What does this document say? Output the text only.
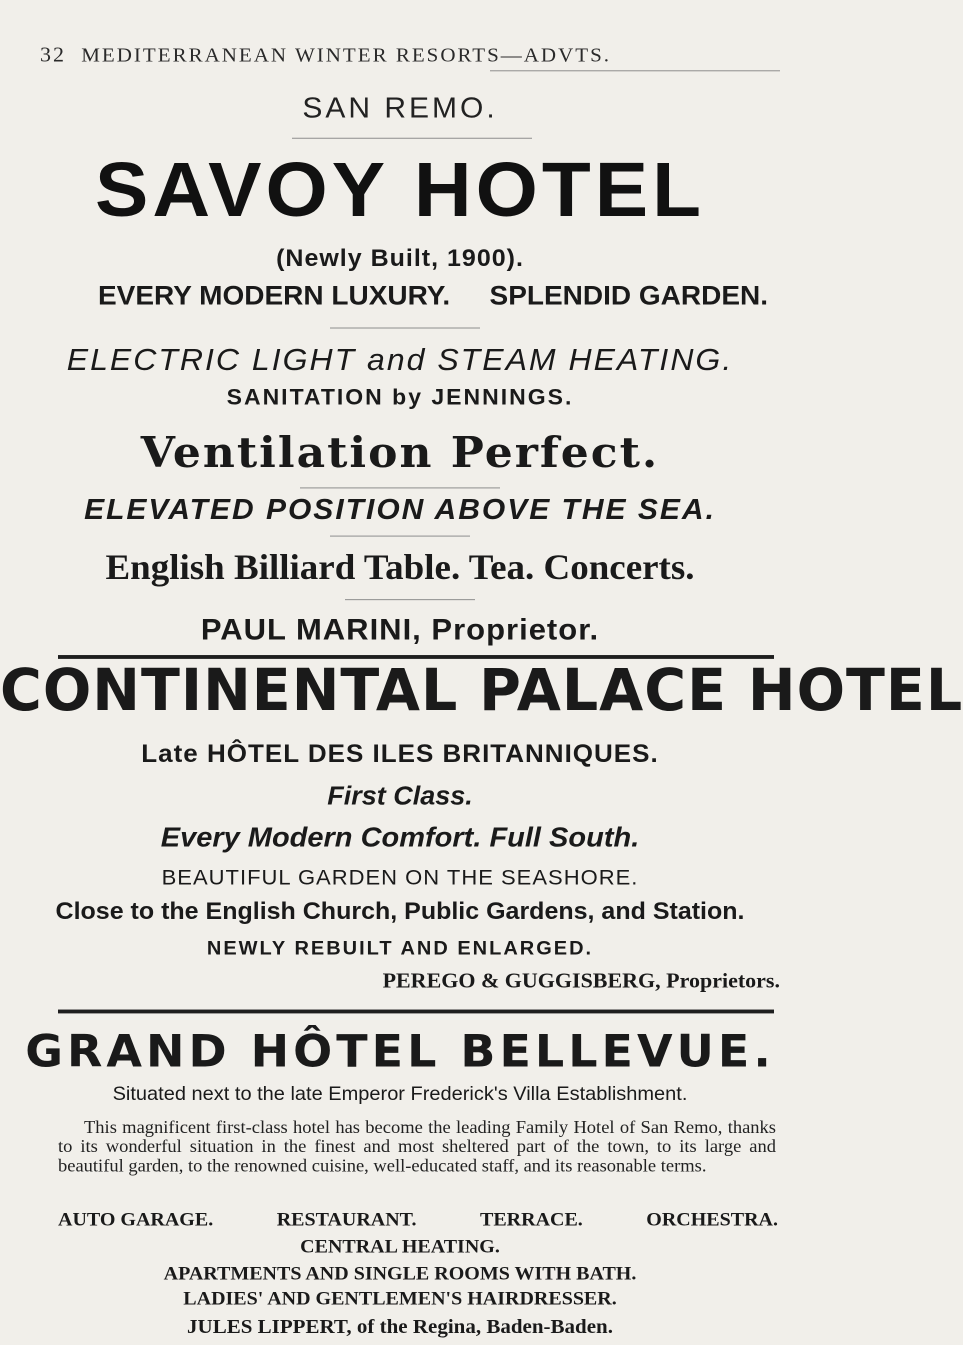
32 MEDITERRANEAN WINTER RESORTS—ADVTS.
SAN REMO.
SAVOY HOTEL
(Newly Built, 1900).
EVERY MODERN LUXURY. SPLENDID GARDEN.
ELECTRIC LIGHT and STEAM HEATING.
SANITATION by JENNINGS.
Ventilation Perfect.
ELEVATED POSITION ABOVE THE SEA.
English Billiard Table. Tea. Concerts.
PAUL MARINI, Proprietor.
CONTINENTAL PALACE HOTEL
Late HÔTEL DES ILES BRITANNIQUES.
First Class.
Every Modern Comfort. Full South.
BEAUTIFUL GARDEN ON THE SEASHORE.
Close to the English Church, Public Gardens, and Station.
NEWLY REBUILT AND ENLARGED.
PEREGO & GUGGISBERG, Proprietors.
GRAND HÔTEL BELLEVUE.
Situated next to the late Emperor Frederick's Villa Establishment.
This magnificent first-class hotel has become the leading Family Hotel of San Remo, thanks to its wonderful situation in the finest and most sheltered part of the town, to its large and beautiful garden, to the renowned cuisine, well-educated staff, and its reasonable terms.
AUTO GARAGE.	RESTAURANT.	TERRACE.	ORCHESTRA.
CENTRAL HEATING.
APARTMENTS AND SINGLE ROOMS WITH BATH.
LADIES' AND GENTLEMEN'S HAIRDRESSER.
JULES LIPPERT, of the Regina, Baden-Baden.
